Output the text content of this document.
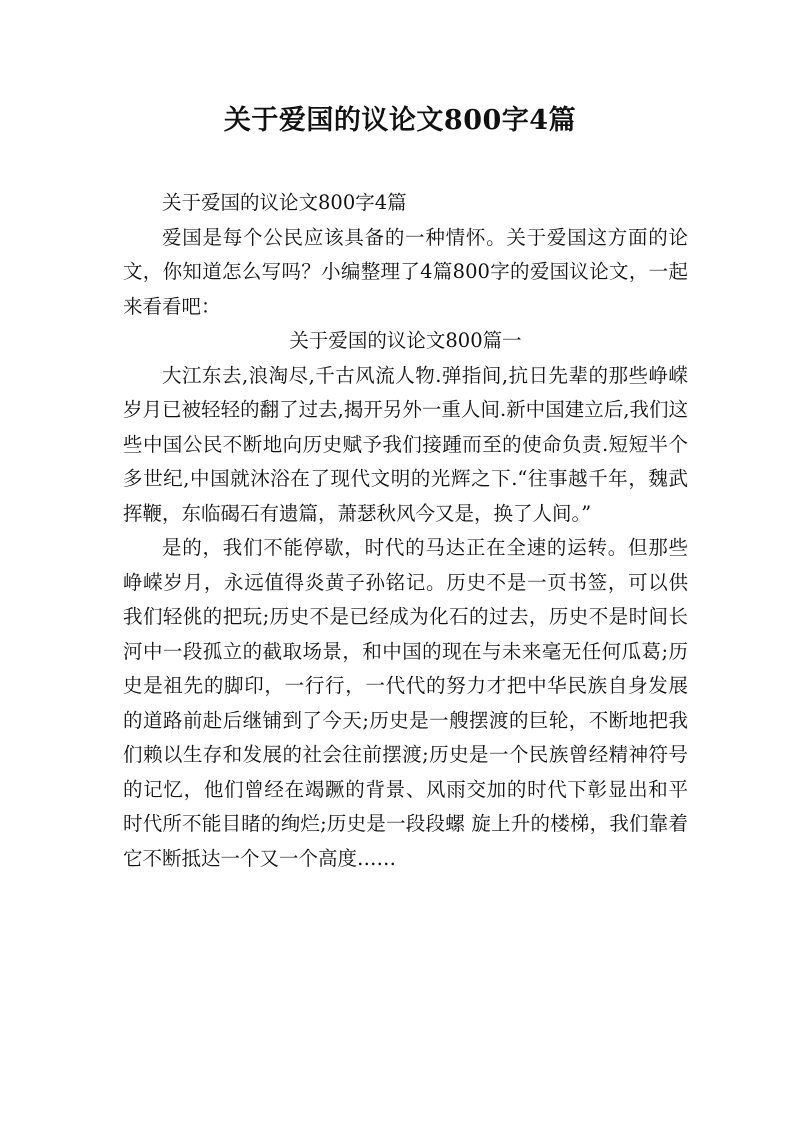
关于爱国的议论文800字4篇

关于爱国的议论文800字4篇

爱国是每个公民应该具备的一种情怀。关于爱国这方面的论文，你知道怎么写吗？小编整理了4篇800字的爱国议论文，一起来看看吧：

关于爱国的议论文800篇一

大江东去,浪淘尽,千古风流人物.弹指间,抗日先辈的那些峥嵘岁月已被轻轻的翻了过去,揭开另外一重人间.新中国建立后,我们这些中国公民不断地向历史赋予我们接踵而至的使命负责.短短半个多世纪,中国就沐浴在了现代文明的光辉之下.“往事越千年，魏武挥鞭，东临碣石有遗篇，萧瑟秋风今又是，换了人间。”

是的，我们不能停歇，时代的马达正在全速的运转。但那些峥嵘岁月，永远值得炎黄子孙铭记。历史不是一页书签，可以供我们轻佻的把玩;历史不是已经成为化石的过去，历史不是时间长河中一段孤立的截取场景，和中国的现在与未来毫无任何瓜葛;历史是祖先的脚印，一行行，一代代的努力才把中华民族自身发展的道路前赴后继铺到了今天;历史是一艘摆渡的巨轮，不断地把我们赖以生存和发展的社会往前摆渡;历史是一个民族曾经精神符号的记忆，他们曾经在竭蹶的背景、风雨交加的时代下彰显出和平时代所不能目睹的绚烂;历史是一段段螺 旋上升的楼梯，我们靠着它不断抵达一个又一个高度……
